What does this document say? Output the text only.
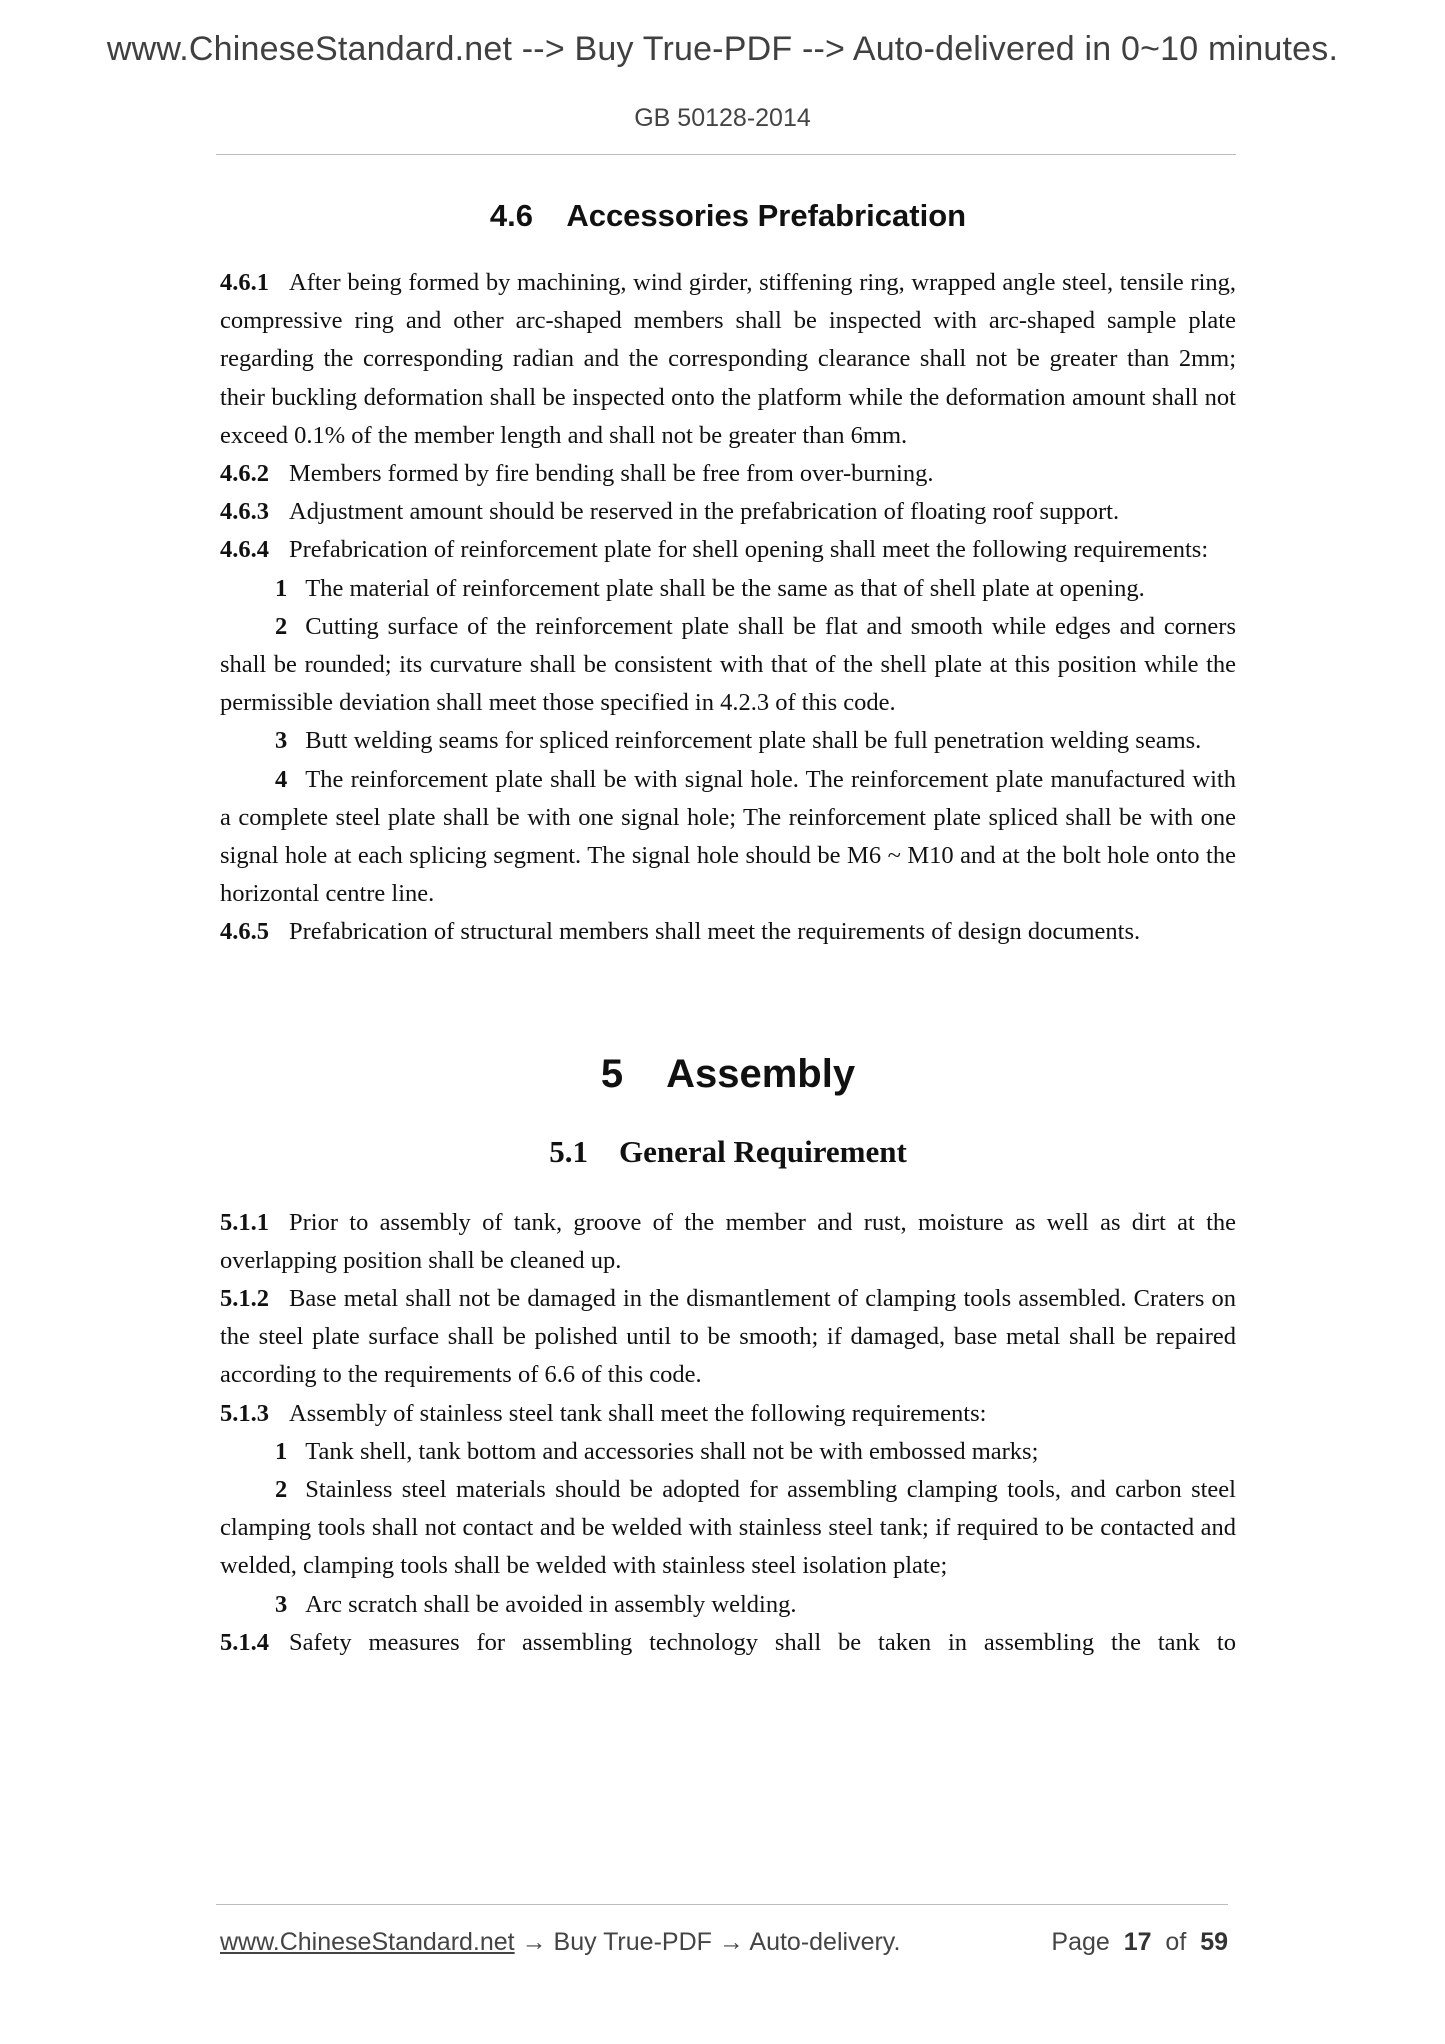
www.ChineseStandard.net --> Buy True-PDF --> Auto-delivered in 0~10 minutes.
GB 50128-2014
4.6    Accessories Prefabrication

4.6.1 After being formed by machining, wind girder, stiffening ring, wrapped angle steel, tensile ring, compressive ring and other arc-shaped members shall be inspected with arc-shaped sample plate regarding the corresponding radian and the corresponding clearance shall not be greater than 2mm; their buckling deformation shall be inspected onto the platform while the deformation amount shall not exceed 0.1% of the member length and shall not be greater than 6mm.

4.6.2 Members formed by fire bending shall be free from over-burning.

4.6.3 Adjustment amount should be reserved in the prefabrication of floating roof support.

4.6.4 Prefabrication of reinforcement plate for shell opening shall meet the following requirements:

1 The material of reinforcement plate shall be the same as that of shell plate at opening.

2 Cutting surface of the reinforcement plate shall be flat and smooth while edges and corners shall be rounded; its curvature shall be consistent with that of the shell plate at this position while the permissible deviation shall meet those specified in 4.2.3 of this code.

3 Butt welding seams for spliced reinforcement plate shall be full penetration welding seams.

4 The reinforcement plate shall be with signal hole. The reinforcement plate manufactured with a complete steel plate shall be with one signal hole; The reinforcement plate spliced shall be with one signal hole at each splicing segment. The signal hole should be M6 ~ M10 and at the bolt hole onto the horizontal centre line.

4.6.5 Prefabrication of structural members shall meet the requirements of design documents.

5    Assembly
5.1    General Requirement

5.1.1 Prior to assembly of tank, groove of the member and rust, moisture as well as dirt at the overlapping position shall be cleaned up.

5.1.2 Base metal shall not be damaged in the dismantlement of clamping tools assembled. Craters on the steel plate surface shall be polished until to be smooth; if damaged, base metal shall be repaired according to the requirements of 6.6 of this code.

5.1.3 Assembly of stainless steel tank shall meet the following requirements:

1 Tank shell, tank bottom and accessories shall not be with embossed marks;

2 Stainless steel materials should be adopted for assembling clamping tools, and carbon steel clamping tools shall not contact and be welded with stainless steel tank; if required to be contacted and welded, clamping tools shall be welded with stainless steel isolation plate;

3 Arc scratch shall be avoided in assembly welding.

5.1.4 Safety measures for assembling technology shall be taken in assembling the tank to

www.ChineseStandard.net → Buy True-PDF → Auto-delivery.	Page 17 of 59
